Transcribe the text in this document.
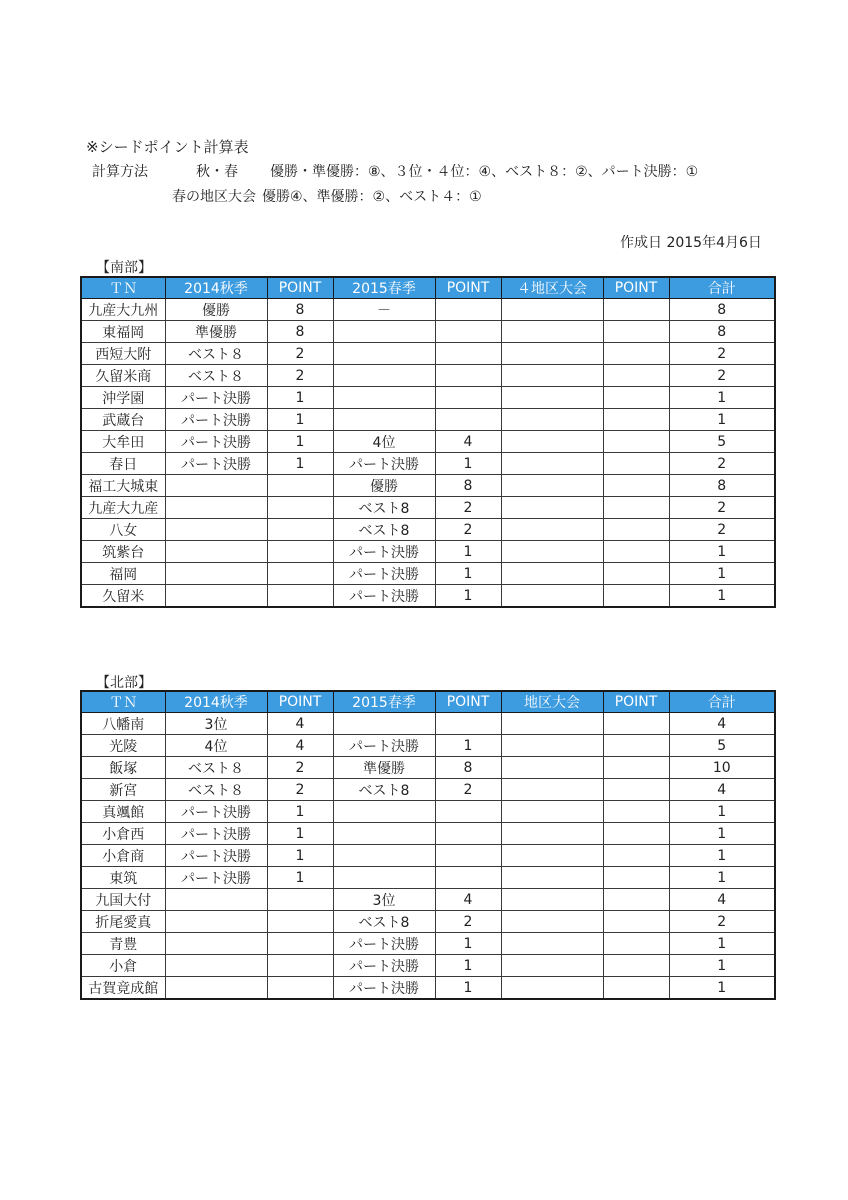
※シードポイント計算表
計算方法	秋・春 優勝・準優勝：⑧、３位・４位：④、ベスト８：②、パート決勝：①
春の地区大会 優勝④、準優勝：②、ベスト４：①
作成日 2015年4月6日
【南部】
ＴＮ	2014秋季	POINT	2015春季	POINT	４地区大会	POINT	合計
九産大九州	優勝	8	－				8
東福岡	準優勝	8					8
西短大附	ベスト８	2					2
久留米商	ベスト８	2					2
沖学園	パート決勝	1					1
武蔵台	パート決勝	1					1
大牟田	パート決勝	1	4位	4			5
春日	パート決勝	1	パート決勝	1			2
福工大城東			優勝	8			8
九産大九産			ベスト8	2			2
八女			ベスト8	2			2
筑紫台			パート決勝	1			1
福岡			パート決勝	1			1
久留米			パート決勝	1			1
【北部】
ＴＮ	2014秋季	POINT	2015春季	POINT	地区大会	POINT	合計
八幡南	3位	4					4
光陵	4位	4	パート決勝	1			5
飯塚	ベスト８	2	準優勝	8			10
新宮	ベスト８	2	ベスト8	2			4
真颯館	パート決勝	1					1
小倉西	パート決勝	1					1
小倉商	パート決勝	1					1
東筑	パート決勝	1					1
九国大付			3位	4			4
折尾愛真			ベスト8	2			2
青豊			パート決勝	1			1
小倉			パート決勝	1			1
古賀竟成館			パート決勝	1			1
